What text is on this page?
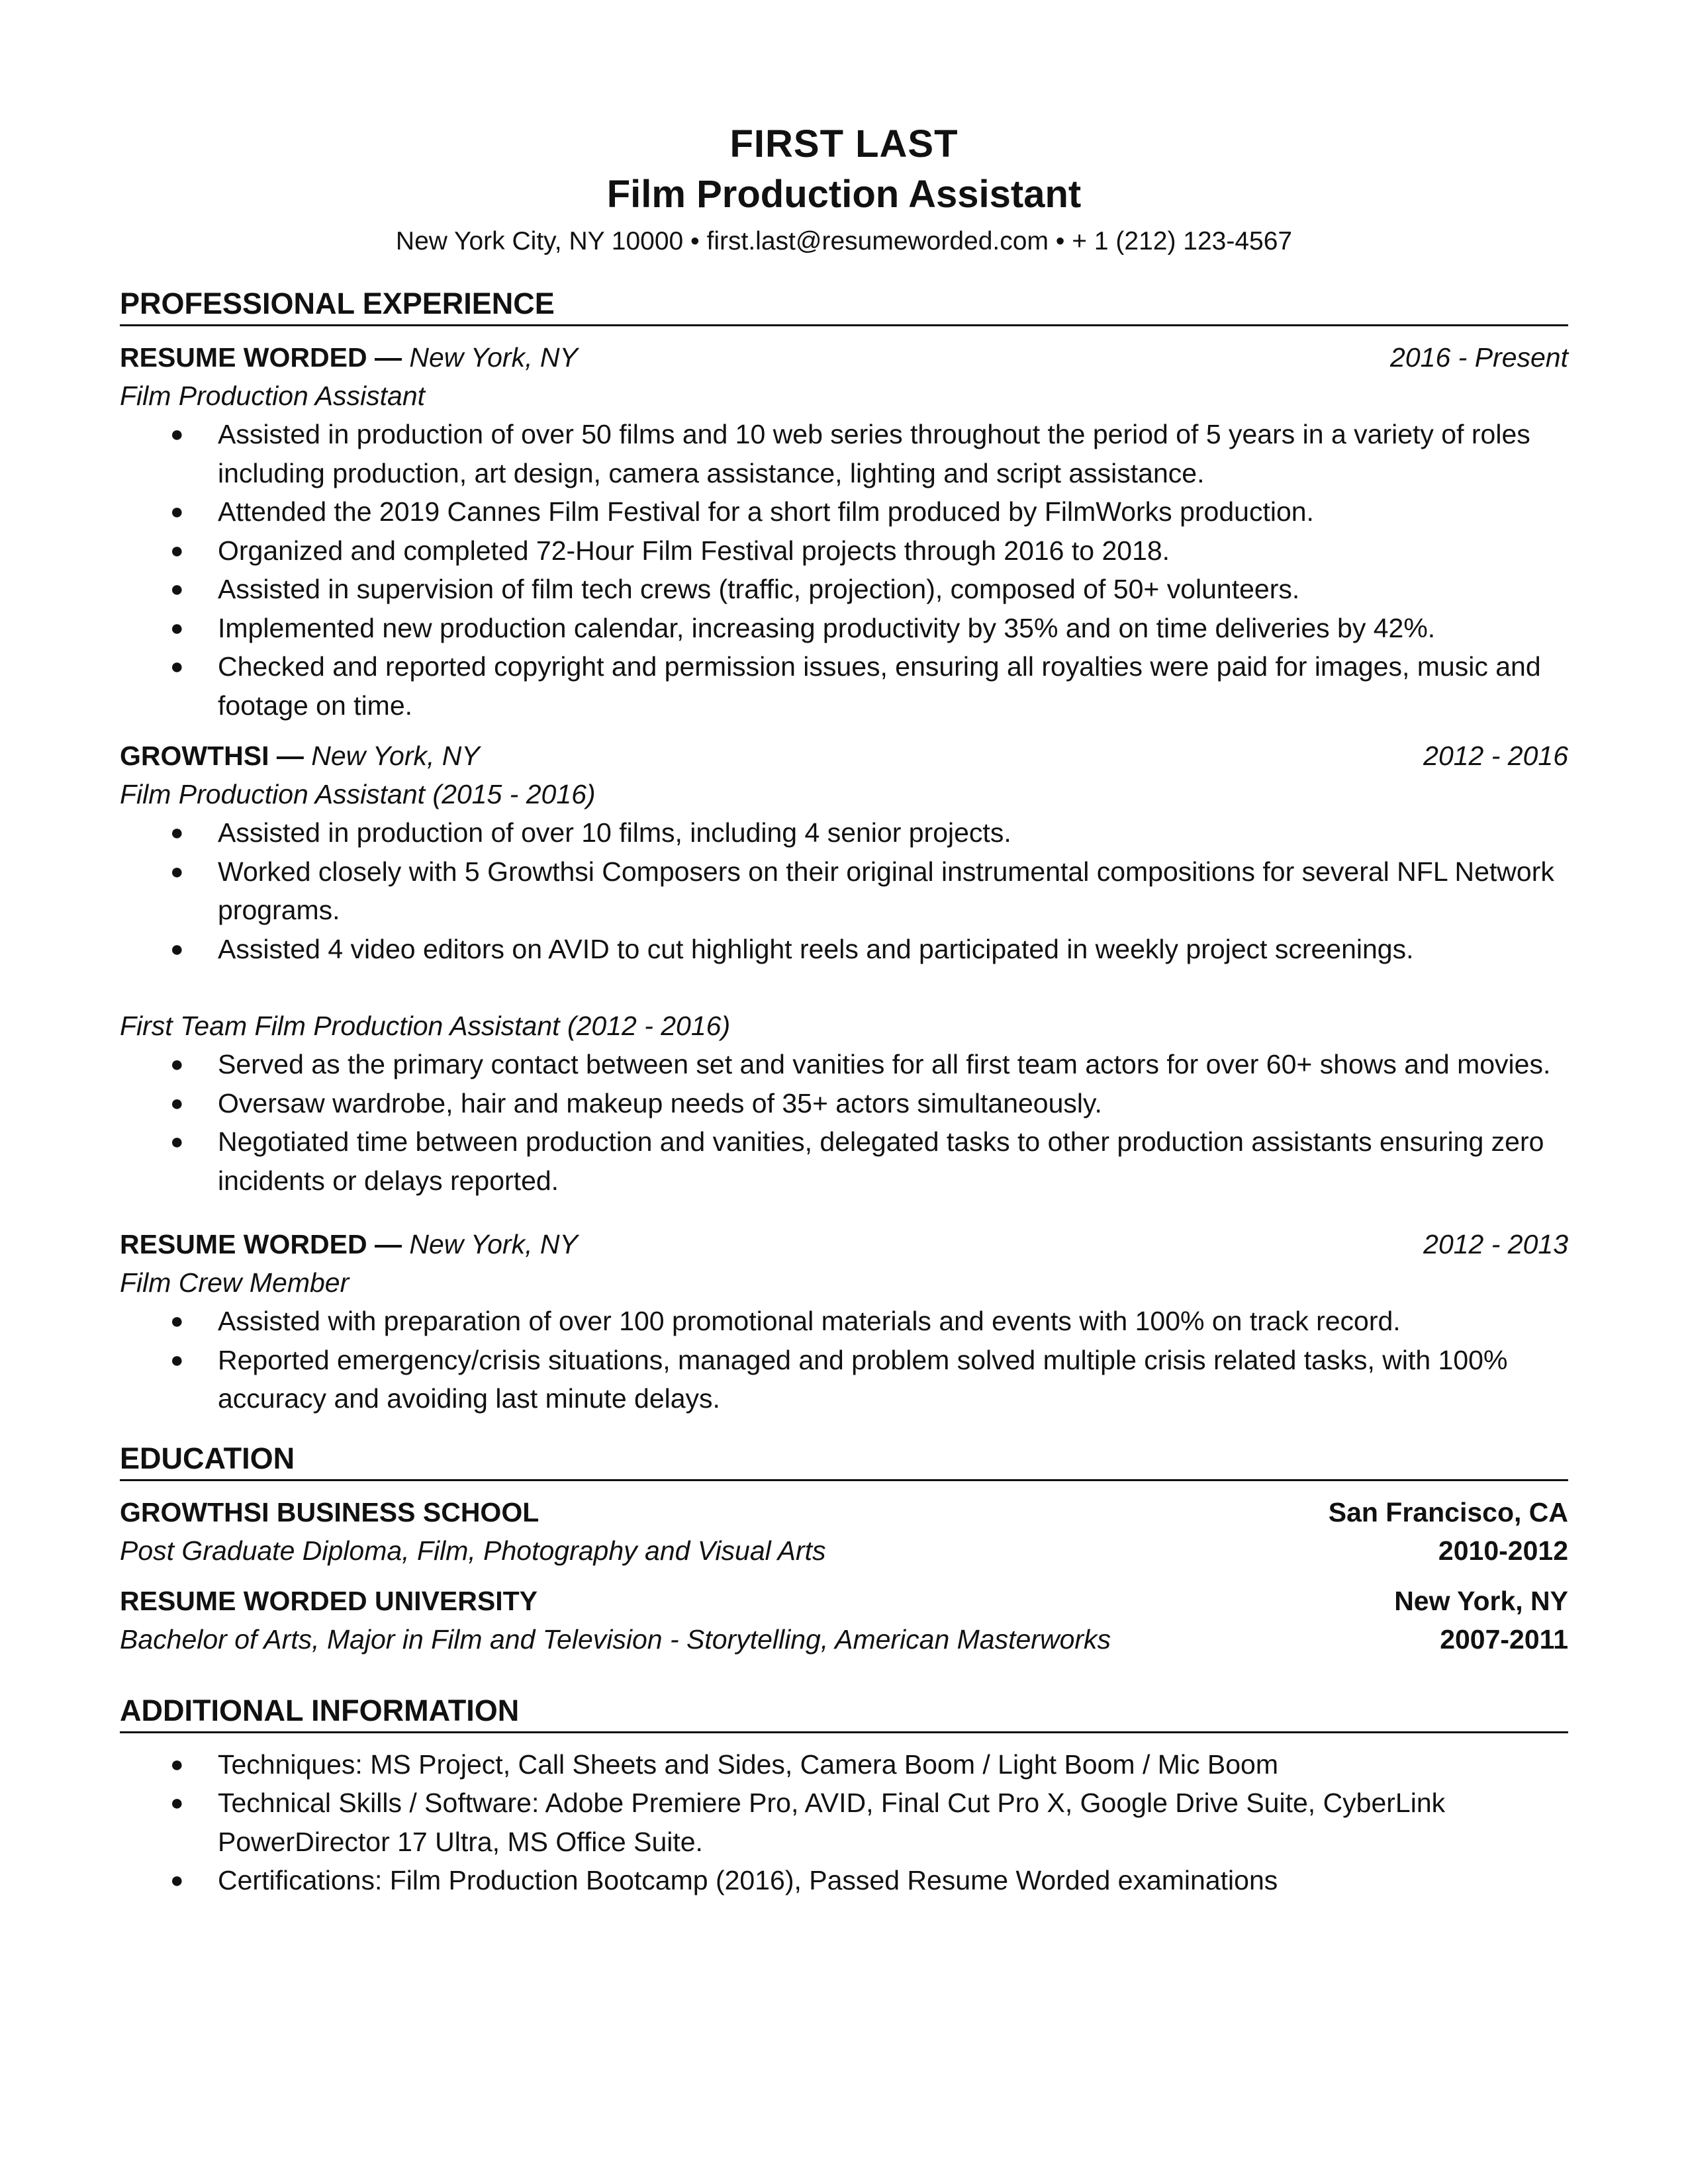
FIRST LAST
Film Production Assistant
New York City, NY 10000 • first.last@resumeworded.com • + 1 (212) 123-4567
PROFESSIONAL EXPERIENCE
RESUME WORDED — New York, NY	2016 - Present
Film Production Assistant
● Assisted in production of over 50 films and 10 web series throughout the period of 5 years in a variety of roles including production, art design, camera assistance, lighting and script assistance.
● Attended the 2019 Cannes Film Festival for a short film produced by FilmWorks production.
● Organized and completed 72-Hour Film Festival projects through 2016 to 2018.
● Assisted in supervision of film tech crews (traffic, projection), composed of 50+ volunteers.
● Implemented new production calendar, increasing productivity by 35% and on time deliveries by 42%.
● Checked and reported copyright and permission issues, ensuring all royalties were paid for images, music and footage on time.
GROWTHSI — New York, NY	2012 - 2016
Film Production Assistant (2015 - 2016)
● Assisted in production of over 10 films, including 4 senior projects.
● Worked closely with 5 Growthsi Composers on their original instrumental compositions for several NFL Network programs.
● Assisted 4 video editors on AVID to cut highlight reels and participated in weekly project screenings.
First Team Film Production Assistant (2012 - 2016)
● Served as the primary contact between set and vanities for all first team actors for over 60+ shows and movies.
● Oversaw wardrobe, hair and makeup needs of 35+ actors simultaneously.
● Negotiated time between production and vanities, delegated tasks to other production assistants ensuring zero incidents or delays reported.
RESUME WORDED — New York, NY	2012 - 2013
Film Crew Member
● Assisted with preparation of over 100 promotional materials and events with 100% on track record.
● Reported emergency/crisis situations, managed and problem solved multiple crisis related tasks, with 100% accuracy and avoiding last minute delays.
EDUCATION
GROWTHSI BUSINESS SCHOOL	San Francisco, CA
Post Graduate Diploma, Film, Photography and Visual Arts	2010-2012
RESUME WORDED UNIVERSITY	New York, NY
Bachelor of Arts, Major in Film and Television - Storytelling, American Masterworks	2007-2011
ADDITIONAL INFORMATION
● Techniques: MS Project, Call Sheets and Sides, Camera Boom / Light Boom / Mic Boom
● Technical Skills / Software: Adobe Premiere Pro, AVID, Final Cut Pro X, Google Drive Suite, CyberLink PowerDirector 17 Ultra, MS Office Suite.
● Certifications: Film Production Bootcamp (2016), Passed Resume Worded examinations
